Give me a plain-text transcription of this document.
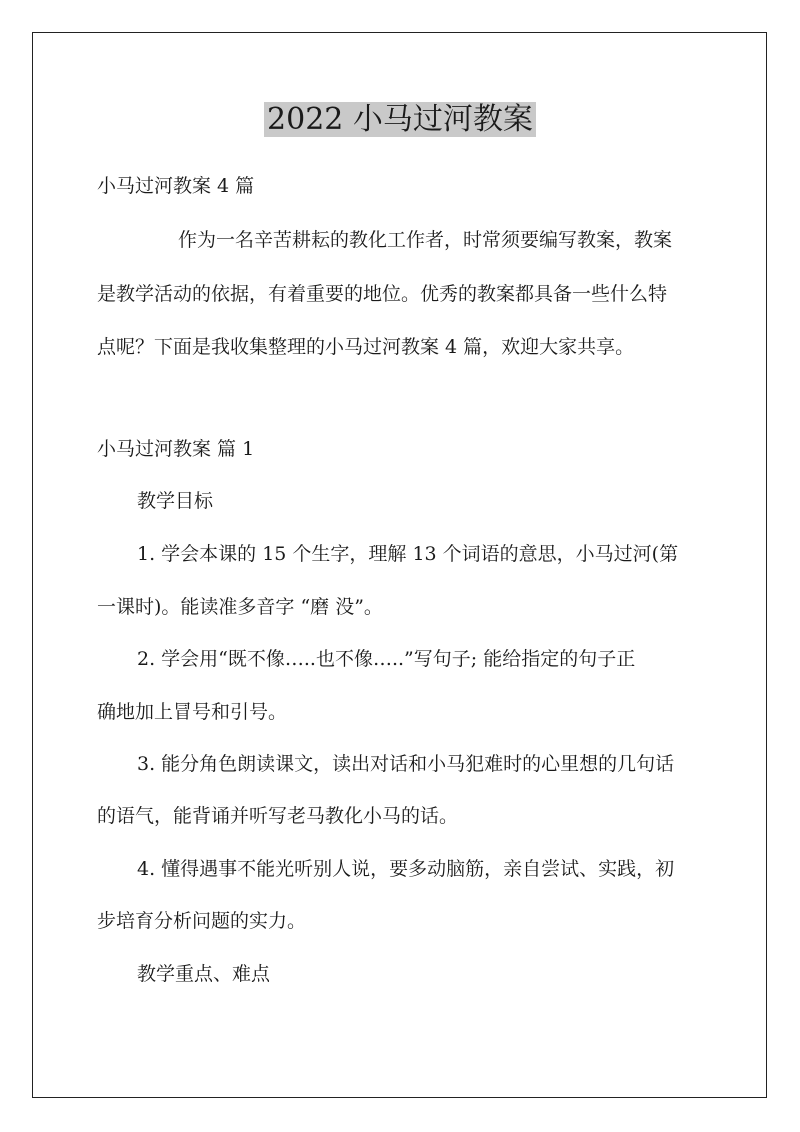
2022 小马过河教案
小马过河教案 4 篇
作为一名辛苦耕耘的教化工作者，时常须要编写教案，教案
是教学活动的依据，有着重要的地位。优秀的教案都具备一些什么特
点呢？下面是我收集整理的小马过河教案 4 篇，欢迎大家共享。
小马过河教案 篇 1
教学目标
1. 学会本课的 15 个生字，理解 13 个词语的意思，小马过河(第
一课时)。能读准多音字 “磨 没”。
2. 学会用“既不像…..也不像…..”写句子; 能给指定的句子正
确地加上冒号和引号。
3. 能分角色朗读课文，读出对话和小马犯难时的心里想的几句话
的语气，能背诵并听写老马教化小马的话。
4. 懂得遇事不能光听别人说，要多动脑筋，亲自尝试、实践，初
步培育分析问题的实力。
教学重点、难点
